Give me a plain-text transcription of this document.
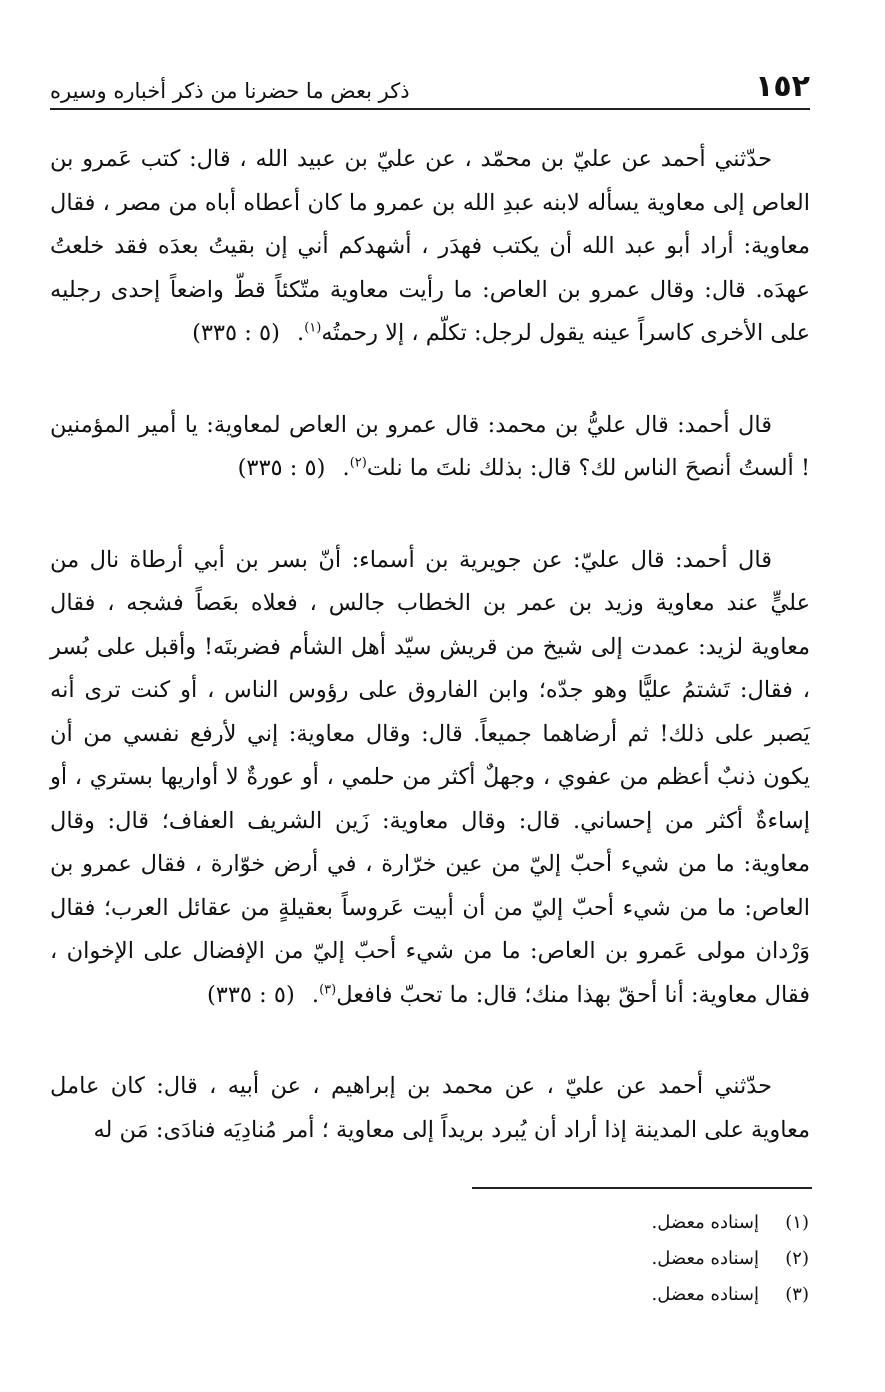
١٥٢
ذكر بعض ما حضرنا من ذكر أخباره وسيره

حدّثني أحمد عن عليّ بن محمّد ، عن عليّ بن عبيد الله ، قال: كتب عَمرو بن العاص إلى معاوية يسأله لابنه عبدِ الله بن عمرو ما كان أعطاه أباه من مصر ، فقال معاوية: أراد أبو عبد الله أن يكتب فهدَر ، أشهدكم أني إن بقيتُ بعدَه فقد خلعتُ عهدَه. قال: وقال عمرو بن العاص: ما رأيت معاوية متّكئاً قطّ واضعاً إحدى رجليه على الأخرى كاسراً عينه يقول لرجل: تكلّم ، إلا رحمتُه$^{(١)}$. (٥ : ٣٣٥)

قال أحمد: قال عليُّ بن محمد: قال عمرو بن العاص لمعاوية: يا أمير المؤمنين ! ألستُ أنصحَ الناس لك؟ قال: بذلك نلتَ ما نلت$^{(٢)}$. (٥ : ٣٣٥)

قال أحمد: قال عليّ: عن جويرية بن أسماء: أنّ بسر بن أبي أرطاة نال من عليٍّ عند معاوية وزيد بن عمر بن الخطاب جالس ، فعلاه بعَصاً فشجه ، فقال معاوية لزيد: عمدت إلى شيخ من قريش سيّد أهل الشأم فضربتَه! وأقبل على بُسر ، فقال: تَشتمُ عليًّا وهو جدّه؛ وابن الفاروق على رؤوس الناس ، أو كنت ترى أنه يَصبر على ذلك! ثم أرضاهما جميعاً. قال: وقال معاوية: إني لأرفع نفسي من أن يكون ذنبٌ أعظم من عفوي ، وجهلٌ أكثر من حلمي ، أو عورةٌ لا أواريها بستري ، أو إساءةٌ أكثر من إحساني. قال: وقال معاوية: زَين الشريف العفاف؛ قال: وقال معاوية: ما من شيء أحبّ إليّ من عين خرّارة ، في أرض خوّارة ، فقال عمرو بن العاص: ما من شيء أحبّ إليّ من أن أبيت عَروساً بعقيلةٍ من عقائل العرب؛ فقال وَرْدان مولى عَمرو بن العاص: ما من شيء أحبّ إليّ من الإفضال على الإخوان ، فقال معاوية: أنا أحقّ بهذا منك؛ قال: ما تحبّ فافعل$^{(٣)}$. (٥ : ٣٣٥)

حدّثني أحمد عن عليّ ، عن محمد بن إبراهيم ، عن أبيه ، قال: كان عامل معاوية على المدينة إذا أراد أن يُبرد بريداً إلى معاوية ؛ أمر مُنادِيَه فنادَى: مَن له

(١)
إسناده معضل.
(٢)
إسناده معضل.
(٣)
إسناده معضل.
